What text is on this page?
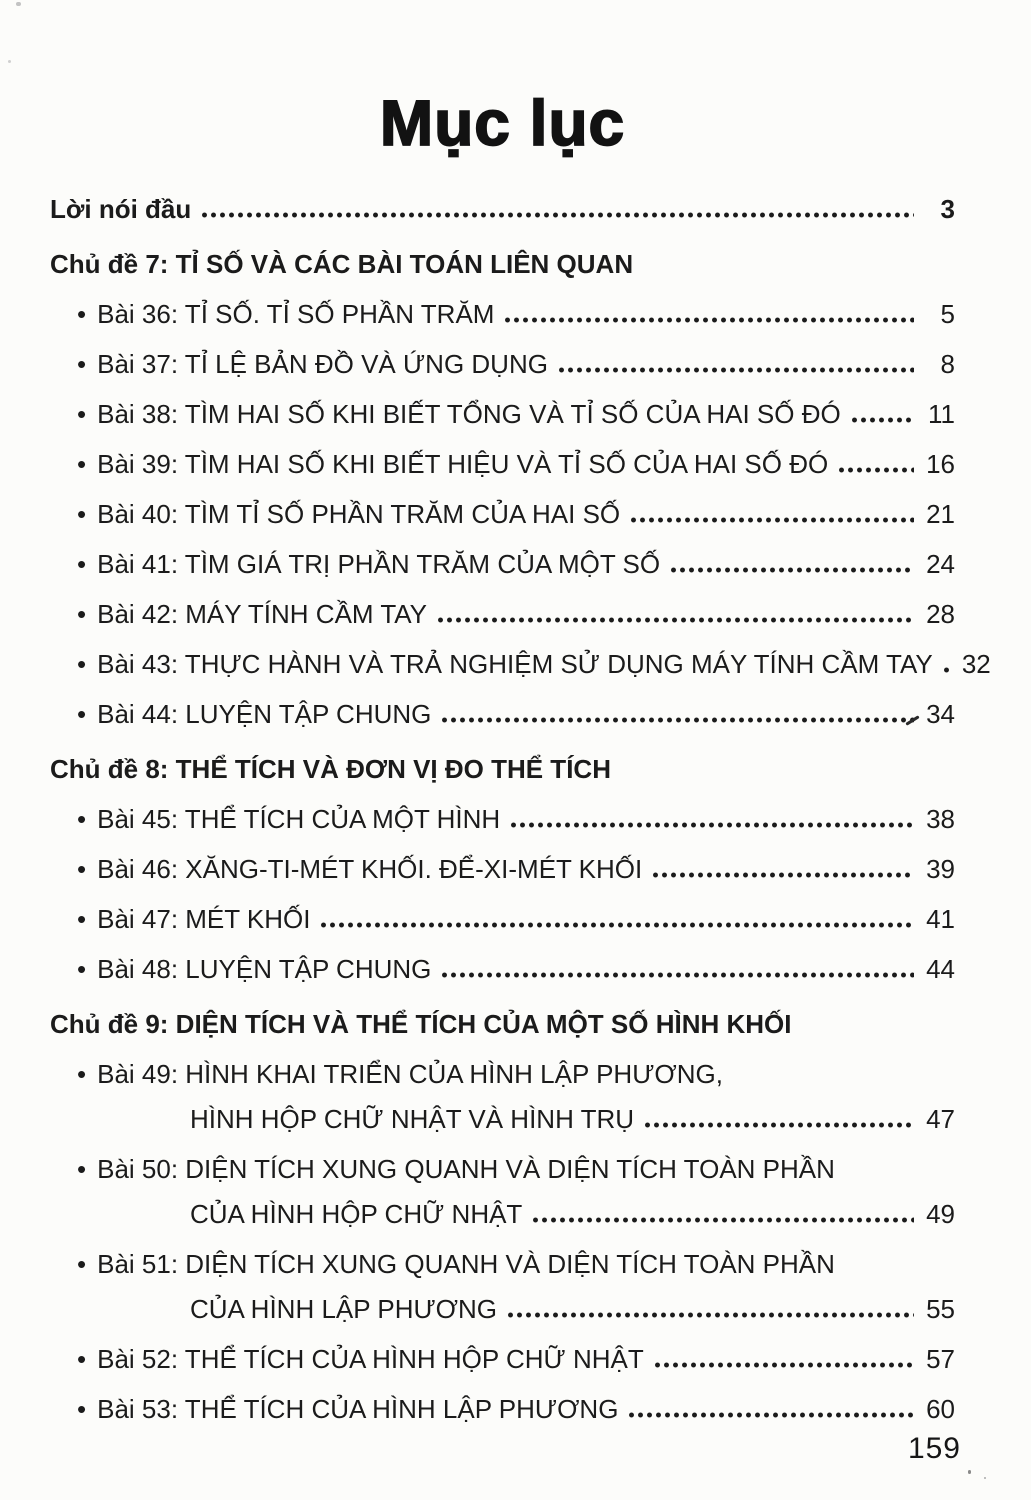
Mục lục
Lời nói đầu	3
Chủ đề 7: TỈ SỐ VÀ CÁC BÀI TOÁN LIÊN QUAN
• Bài 36: TỈ SỐ. TỈ SỐ PHẦN TRĂM	5
• Bài 37: TỈ LỆ BẢN ĐỒ VÀ ỨNG DỤNG	8
• Bài 38: TÌM HAI SỐ KHI BIẾT TỔNG VÀ TỈ SỐ CỦA HAI SỐ ĐÓ	11
• Bài 39: TÌM HAI SỐ KHI BIẾT HIỆU VÀ TỈ SỐ CỦA HAI SỐ ĐÓ	16
• Bài 40: TÌM TỈ SỐ PHẦN TRĂM CỦA HAI SỐ	21
• Bài 41: TÌM GIÁ TRỊ PHẦN TRĂM CỦA MỘT SỐ	24
• Bài 42: MÁY TÍNH CẦM TAY	28
• Bài 43: THỰC HÀNH VÀ TRẢ NGHIỆM SỬ DỤNG MÁY TÍNH CẦM TAY 32
• Bài 44: LUYỆN TẬP CHUNG	34
Chủ đề 8: THỂ TÍCH VÀ ĐƠN VỊ ĐO THỂ TÍCH
• Bài 45: THỂ TÍCH CỦA MỘT HÌNH	38
• Bài 46: XĂNG-TI-MÉT KHỐI. ĐỂ-XI-MÉT KHỐI	39
• Bài 47: MÉT KHỐI	41
• Bài 48: LUYỆN TẬP CHUNG	44
Chủ đề 9: DIỆN TÍCH VÀ THỂ TÍCH CỦA MỘT SỐ HÌNH KHỐI
• Bài 49: HÌNH KHAI TRIỂN CỦA HÌNH LẬP PHƯƠNG,
HÌNH HỘP CHỮ NHẬT VÀ HÌNH TRỤ	47
• Bài 50: DIỆN TÍCH XUNG QUANH VÀ DIỆN TÍCH TOÀN PHẦN
CỦA HÌNH HỘP CHỮ NHẬT	49
• Bài 51: DIỆN TÍCH XUNG QUANH VÀ DIỆN TÍCH TOÀN PHẦN
CỦA HÌNH LẬP PHƯƠNG	55
• Bài 52: THỂ TÍCH CỦA HÌNH HỘP CHỮ NHẬT	57
• Bài 53: THỂ TÍCH CỦA HÌNH LẬP PHƯƠNG	60
159
